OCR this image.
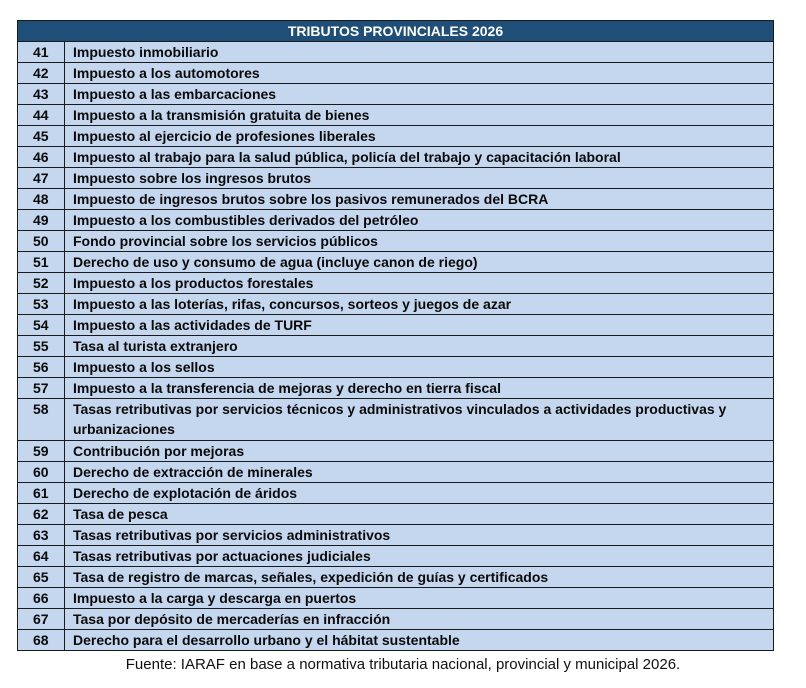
TRIBUTOS PROVINCIALES 2026	
41	Impuesto inmobiliario
42	Impuesto a los automotores
43	Impuesto a las embarcaciones
44	Impuesto a la transmisión gratuita de bienes
45	Impuesto al ejercicio de profesiones liberales
46	Impuesto al trabajo para la salud pública, policía del trabajo y capacitación laboral
47	Impuesto sobre los ingresos brutos
48	Impuesto de ingresos brutos sobre los pasivos remunerados del BCRA
49	Impuesto a los combustibles derivados del petróleo
50	Fondo provincial sobre los servicios públicos
51	Derecho de uso y consumo de agua (incluye canon de riego)
52	Impuesto a los productos forestales
53	Impuesto a las loterías, rifas, concursos, sorteos y juegos de azar
54	Impuesto a las actividades de TURF
55	Tasa al turista extranjero
56	Impuesto a los sellos
57	Impuesto a la transferencia de mejoras y derecho en tierra fiscal
58	Tasas retributivas por servicios técnicos y administrativos vinculados a actividades productivas y urbanizaciones
59	Contribución por mejoras
60	Derecho de extracción de minerales
61	Derecho de explotación de áridos
62	Tasa de pesca
63	Tasas retributivas por servicios administrativos
64	Tasas retributivas por actuaciones judiciales
65	Tasa de registro de marcas, señales, expedición de guías y certificados
66	Impuesto a la carga y descarga en puertos
67	Tasa por depósito de mercaderías en infracción
68	Derecho para el desarrollo urbano y el hábitat sustentable
Fuente: IARAF en base a normativa tributaria nacional, provincial y municipal 2026.
